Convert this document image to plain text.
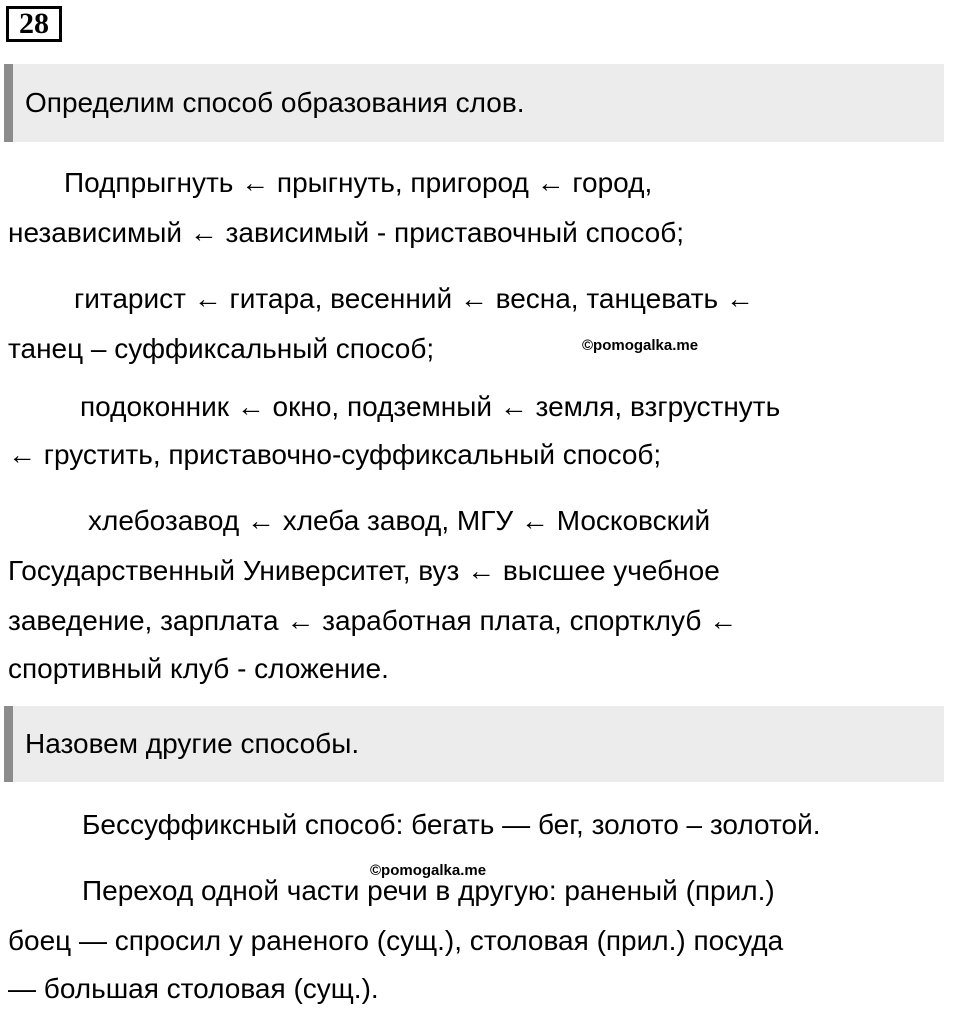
28
Определим способ образования слов.
Подпрыгнуть ← прыгнуть, пригород ← город,
независимый ← зависимый - приставочный способ;
гитарист ← гитара, весенний ← весна, танцевать ←
танец – суффиксальный способ;	©pomogalka.me
подоконник ← окно, подземный ← земля, взгрустнуть
← грустить, приставочно-суффиксальный способ;
хлебозавод ← хлеба завод, МГУ ← Московский
Государственный Университет, вуз ← высшее учебное
заведение, зарплата ← заработная плата, спортклуб ←
спортивный клуб - сложение.
Назовем другие способы.
Бессуффиксный способ: бегать — бег, золото – золотой.
©pomogalka.me
Переход одной части речи в другую: раненый (прил.)
боец — спросил у раненого (сущ.), столовая (прил.) посуда
— большая столовая (сущ.).
